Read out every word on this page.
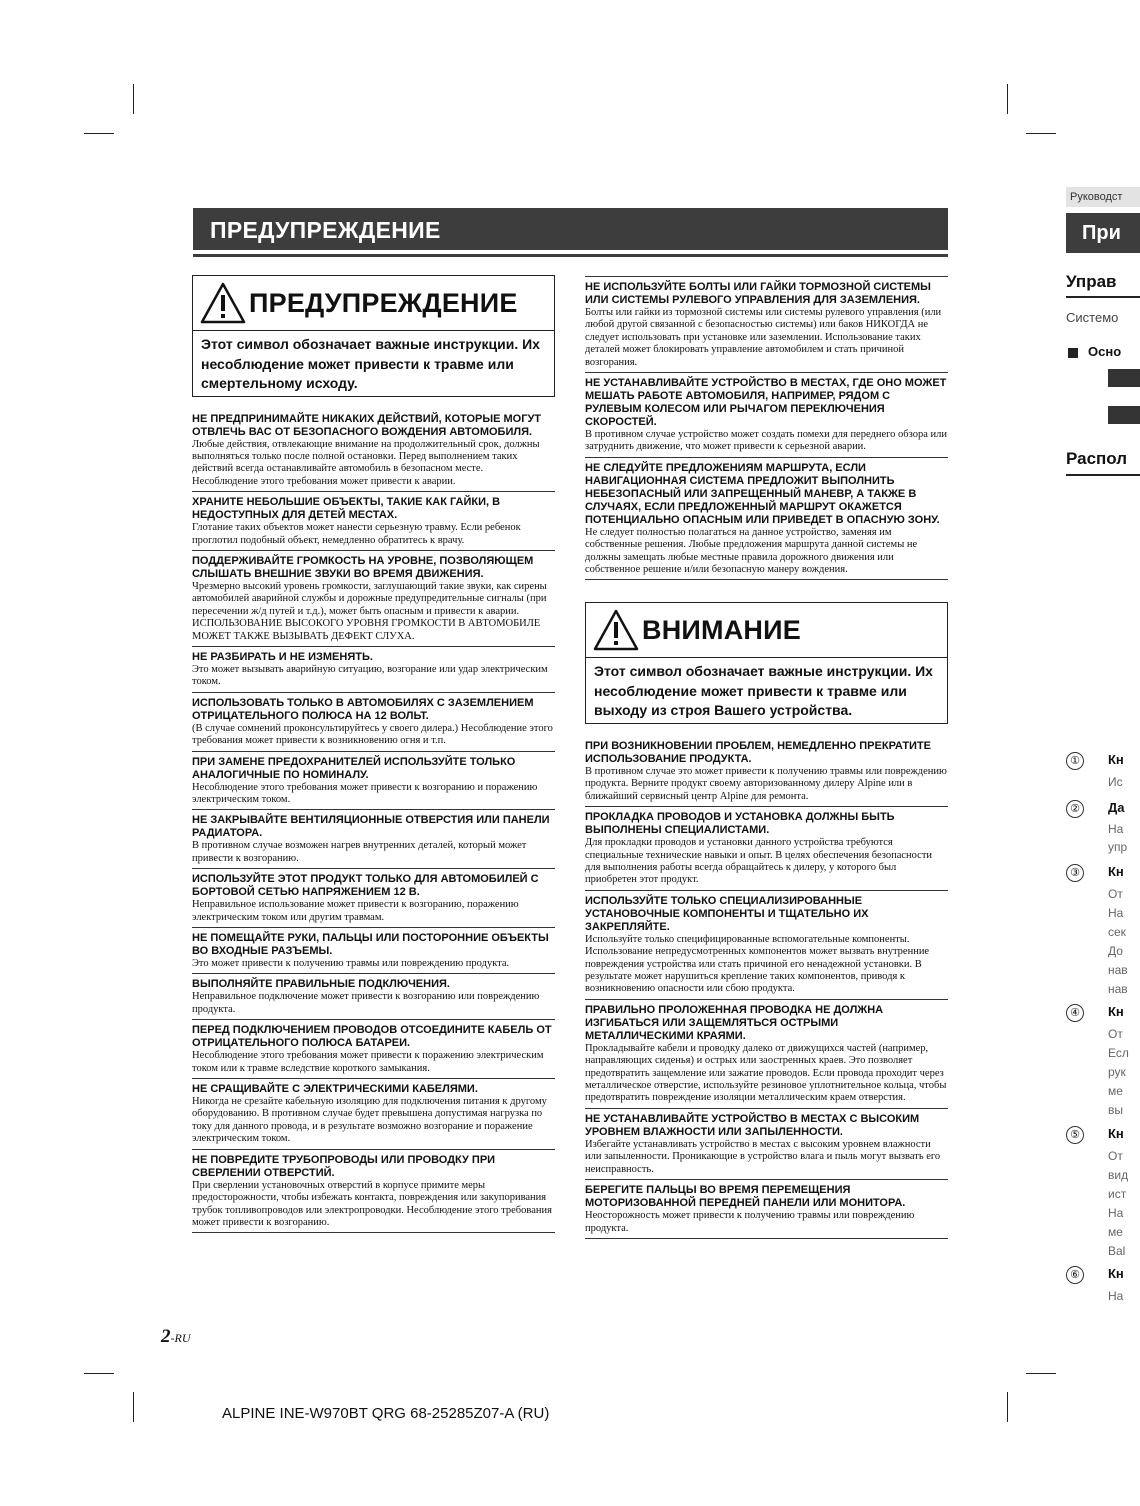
ПРЕДУПРЕЖДЕНИЕ
ПРЕДУПРЕЖДЕНИЕ
Этот символ обозначает важные инструкции. Их несоблюдение может привести к травме или смертельному исходу.
НЕ ПРЕДПРИНИМАЙТЕ НИКАКИХ ДЕЙСТВИЙ, КОТОРЫЕ МОГУТ ОТВЛЕЧЬ ВАС ОТ БЕЗОПАСНОГО ВОЖДЕНИЯ АВТОМОБИЛЯ.
Любые действия, отвлекающие внимание на продолжительный срок, должны выполняться только после полной остановки. Перед выполнением таких действий всегда останавливайте автомобиль в безопасном месте.
Несоблюдение этого требования может привести к аварии.
ХРАНИТЕ НЕБОЛЬШИЕ ОБЪЕКТЫ, ТАКИЕ КАК ГАЙКИ, В НЕДОСТУПНЫХ ДЛЯ ДЕТЕЙ МЕСТАХ.
Глотание таких объектов может нанести серьезную травму. Если ребенок проглотил подобный объект, немедленно обратитесь к врачу.
ПОДДЕРЖИВАЙТЕ ГРОМКОСТЬ НА УРОВНЕ, ПОЗВОЛЯЮЩЕМ СЛЫШАТЬ ВНЕШНИЕ ЗВУКИ ВО ВРЕМЯ ДВИЖЕНИЯ.
Чрезмерно высокий уровень громкости, заглушающий такие звуки, как сирены автомобилей аварийной службы и дорожные предупредительные сигналы (при пересечении ж/д путей и т.д.), может быть опасным и привести к аварии. ИСПОЛЬЗОВАНИЕ ВЫСОКОГО УРОВНЯ ГРОМКОСТИ В АВТОМОБИЛЕ МОЖЕТ ТАКЖЕ ВЫЗЫВАТЬ ДЕФЕКТ СЛУХА.
НЕ РАЗБИРАТЬ И НЕ ИЗМЕНЯТЬ.
Это может вызывать аварийную ситуацию, возгорание или удар электрическим током.
ИСПОЛЬЗОВАТЬ ТОЛЬКО В АВТОМОБИЛЯХ С ЗАЗЕМЛЕНИЕМ ОТРИЦАТЕЛЬНОГО ПОЛЮСА НА 12 ВОЛЬТ.
(В случае сомнений проконсультируйтесь у своего дилера.) Несоблюдение этого требования может привести к возникновению огня и т.п.
ПРИ ЗАМЕНЕ ПРЕДОХРАНИТЕЛЕЙ ИСПОЛЬЗУЙТЕ ТОЛЬКО АНАЛОГИЧНЫЕ ПО НОМИНАЛУ.
Несоблюдение этого требования может привести к возгоранию и поражению электрическим током.
НЕ ЗАКРЫВАЙТЕ ВЕНТИЛЯЦИОННЫЕ ОТВЕРСТИЯ ИЛИ ПАНЕЛИ РАДИАТОРА.
В противном случае возможен нагрев внутренних деталей, который может привести к возгоранию.
ИСПОЛЬЗУЙТЕ ЭТОТ ПРОДУКТ ТОЛЬКО ДЛЯ АВТОМОБИЛЕЙ С БОРТОВОЙ СЕТЬЮ НАПРЯЖЕНИЕМ 12 В.
Неправильное использование может привести к возгоранию, поражению электрическим током или другим травмам.
НЕ ПОМЕЩАЙТЕ РУКИ, ПАЛЬЦЫ ИЛИ ПОСТОРОННИЕ ОБЪЕКТЫ ВО ВХОДНЫЕ РАЗЪЕМЫ.
Это может привести к получению травмы или повреждению продукта.
ВЫПОЛНЯЙТЕ ПРАВИЛЬНЫЕ ПОДКЛЮЧЕНИЯ.
Неправильное подключение может привести к возгоранию или повреждению продукта.
ПЕРЕД ПОДКЛЮЧЕНИЕМ ПРОВОДОВ ОТСОЕДИНИТЕ КАБЕЛЬ ОТ ОТРИЦАТЕЛЬНОГО ПОЛЮСА БАТАРЕИ.
Несоблюдение этого требования может привести к поражению электрическим током или к травме вследствие короткого замыкания.
НЕ СРАЩИВАЙТЕ С ЭЛЕКТРИЧЕСКИМИ КАБЕЛЯМИ.
Никогда не срезайте кабельную изоляцию для подключения питания к другому оборудованию. В противном случае будет превышена допустимая нагрузка по току для данного провода, и в результате возможно возгорание и поражение электрическим током.
НЕ ПОВРЕДИТЕ ТРУБОПРОВОДЫ ИЛИ ПРОВОДКУ ПРИ СВЕРЛЕНИИ ОТВЕРСТИЙ.
При сверлении установочных отверстий в корпусе примите меры предосторожности, чтобы избежать контакта, повреждения или закупоривания трубок топливопроводов или электропроводки. Несоблюдение этого требования может привести к возгоранию.
НЕ ИСПОЛЬЗУЙТЕ БОЛТЫ ИЛИ ГАЙКИ ТОРМОЗНОЙ СИСТЕМЫ ИЛИ СИСТЕМЫ РУЛЕВОГО УПРАВЛЕНИЯ ДЛЯ ЗАЗЕМЛЕНИЯ.
Болты или гайки из тормозной системы или системы рулевого управления (или любой другой связанной с безопасностью системы) или баков НИКОГДА не следует использовать при установке или заземлении. Использование таких деталей может блокировать управление автомобилем и стать причиной возгорания.
НЕ УСТАНАВЛИВАЙТЕ УСТРОЙСТВО В МЕСТАХ, ГДЕ ОНО МОЖЕТ МЕШАТЬ РАБОТЕ АВТОМОБИЛЯ, НАПРИМЕР, РЯДОМ С РУЛЕВЫМ КОЛЕСОМ ИЛИ РЫЧАГОМ ПЕРЕКЛЮЧЕНИЯ СКОРОСТЕЙ.
В противном случае устройство может создать помехи для переднего обзора или затруднить движение, что может привести к серьезной аварии.
НЕ СЛЕДУЙТЕ ПРЕДЛОЖЕНИЯМ МАРШРУТА, ЕСЛИ НАВИГАЦИОННАЯ СИСТЕМА ПРЕДЛОЖИТ ВЫПОЛНИТЬ НЕБЕЗОПАСНЫЙ ИЛИ ЗАПРЕЩЕННЫЙ МАНЕВР, А ТАКЖЕ В СЛУЧАЯХ, ЕСЛИ ПРЕДЛОЖЕННЫЙ МАРШРУТ ОКАЖЕТСЯ ПОТЕНЦИАЛЬНО ОПАСНЫМ ИЛИ ПРИВЕДЕТ В ОПАСНУЮ ЗОНУ.
Не следует полностью полагаться на данное устройство, заменяя им собственные решения. Любые предложения маршрута данной системы не должны замещать любые местные правила дорожного движения или собственное решение и/или безопасную манеру вождения.
ВНИМАНИЕ
Этот символ обозначает важные инструкции. Их несоблюдение может привести к травме или выходу из строя Вашего устройства.
ПРИ ВОЗНИКНОВЕНИИ ПРОБЛЕМ, НЕМЕДЛЕННО ПРЕКРАТИТЕ ИСПОЛЬЗОВАНИЕ ПРОДУКТА.
В противном случае это может привести к получению травмы или повреждению продукта. Верните продукт своему авторизованному дилеру Alpine или в ближайший сервисный центр Alpine для ремонта.
ПРОКЛАДКА ПРОВОДОВ И УСТАНОВКА ДОЛЖНЫ БЫТЬ ВЫПОЛНЕНЫ СПЕЦИАЛИСТАМИ.
Для прокладки проводов и установки данного устройства требуются специальные технические навыки и опыт. В целях обеспечения безопасности для выполнения работы всегда обращайтесь к дилеру, у которого был приобретен этот продукт.
ИСПОЛЬЗУЙТЕ ТОЛЬКО СПЕЦИАЛИЗИРОВАННЫЕ УСТАНОВОЧНЫЕ КОМПОНЕНТЫ И ТЩАТЕЛЬНО ИХ ЗАКРЕПЛЯЙТЕ.
Используйте только специфицированные вспомогательные компоненты. Использование непредусмотренных компонентов может вызвать внутренние повреждения устройства или стать причиной его ненадежной установки. В результате может нарушиться крепление таких компонентов, приводя к возникновению опасности или сбою продукта.
ПРАВИЛЬНО ПРОЛОЖЕННАЯ ПРОВОДКА НЕ ДОЛЖНА ИЗГИБАТЬСЯ ИЛИ ЗАЩЕМЛЯТЬСЯ ОСТРЫМИ МЕТАЛЛИЧЕСКИМИ КРАЯМИ.
Прокладывайте кабели и проводку далеко от движущихся частей (например, направляющих сиденья) и острых или заостренных краев. Это позволяет предотвратить защемление или зажатие проводов. Если провода проходит через металлическое отверстие, используйте резиновое уплотнительное кольца, чтобы предотвратить повреждение изоляции металлическим краем отверстия.
НЕ УСТАНАВЛИВАЙТЕ УСТРОЙСТВО В МЕСТАХ С ВЫСОКИМ УРОВНЕМ ВЛАЖНОСТИ ИЛИ ЗАПЫЛЕННОСТИ.
Избегайте устанавливать устройство в местах с высоким уровнем влажности или запыленности. Проникающие в устройство влага и пыль могут вызвать его неисправность.
БЕРЕГИТЕ ПАЛЬЦЫ ВО ВРЕМЯ ПЕРЕМЕЩЕНИЯ МОТОРИЗОВАННОЙ ПЕРЕДНЕЙ ПАНЕЛИ ИЛИ МОНИТОРА.
Неосторожность может привести к получению травмы или повреждению продукта.
2-RU
ALPINE INE-W970BT QRG 68-25285Z07-A (RU)
Руководст
При
Управ
Системо
Осно
Распол
①	Кн
Ис
②	Да
На
упр
③	Кн
От
На
сек
До
нав
нав
④	Кн
От
Есл
рук
ме
вы
⑤	Кн
От
вид
ист
На
ме
Bal
⑥	Кн
На
